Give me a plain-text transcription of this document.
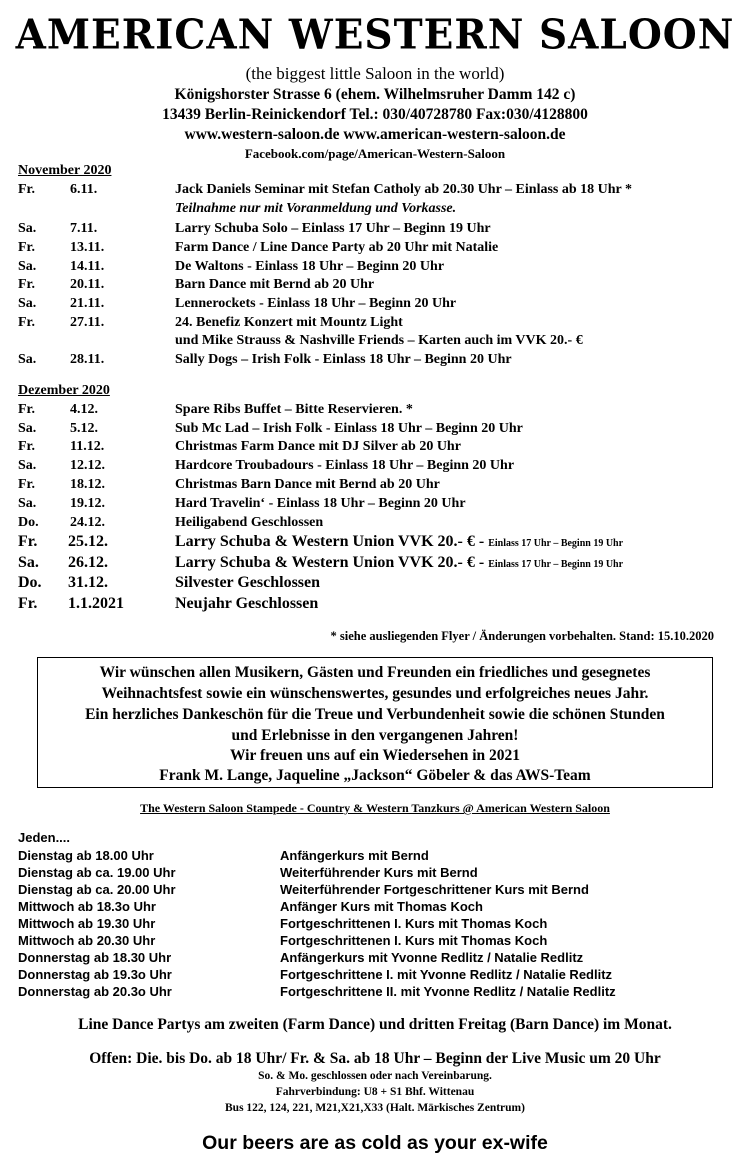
AMERICAN WESTERN SALOON
(the biggest little Saloon in the world)
Königshorster Strasse 6 (ehem. Wilhelmsruher Damm 142 c)
13439 Berlin-Reinickendorf Tel.: 030/40728780 Fax:030/4128800
www.western-saloon.de www.american-western-saloon.de
Facebook.com/page/American-Western-Saloon
November 2020
Fr.	6.11.	Jack Daniels Seminar mit Stefan Catholy ab 20.30 Uhr – Einlass ab 18 Uhr *
Teilnahme nur mit Voranmeldung und Vorkasse.
Sa. 7.11.	Larry Schuba Solo – Einlass 17 Uhr – Beginn 19 Uhr
Fr.	13.11.	Farm Dance / Line Dance Party ab 20 Uhr mit Natalie
Sa. 14.11.	De Waltons - Einlass 18 Uhr – Beginn 20 Uhr
Fr.	20.11.	Barn Dance mit Bernd ab 20 Uhr
Sa. 21.11.	Lennerockets - Einlass 18 Uhr – Beginn 20 Uhr
Fr.	27.11.	24. Benefiz Konzert mit Mountz Light
und Mike Strauss & Nashville Friends – Karten auch im VVK 20.- €
Sa. 28.11.	Sally Dogs – Irish Folk - Einlass 18 Uhr – Beginn 20 Uhr
Dezember 2020
Fr.	4.12.	Spare Ribs Buffet – Bitte Reservieren. *
Sa. 5.12.	Sub Mc Lad – Irish Folk - Einlass 18 Uhr – Beginn 20 Uhr
Fr.	11.12.	Christmas Farm Dance mit DJ Silver ab 20 Uhr
Sa. 12.12.	Hardcore Troubadours - Einlass 18 Uhr – Beginn 20 Uhr
Fr.	18.12.	Christmas Barn Dance mit Bernd ab 20 Uhr
Sa. 19.12.	Hard Travelin‘ - Einlass 18 Uhr – Beginn 20 Uhr
Do. 24.12.	Heiligabend Geschlossen
Fr. 25.12.	Larry Schuba & Western Union VVK 20.- € - Einlass 17 Uhr – Beginn 19 Uhr
Sa. 26.12.	Larry Schuba & Western Union VVK 20.- € - Einlass 17 Uhr – Beginn 19 Uhr
Do. 31.12.	Silvester Geschlossen
Fr. 1.1.2021	Neujahr Geschlossen
* siehe ausliegenden Flyer / Änderungen vorbehalten. Stand: 15.10.2020
Wir wünschen allen Musikern, Gästen und Freunden ein friedliches und gesegnetes
Weihnachtsfest sowie ein wünschenswertes, gesundes und erfolgreiches neues Jahr.
Ein herzliches Dankeschön für die Treue und Verbundenheit sowie die schönen Stunden
und Erlebnisse in den vergangenen Jahren!
Wir freuen uns auf ein Wiedersehen in 2021
Frank M. Lange, Jaqueline „Jackson“ Göbeler & das AWS-Team
The Western Saloon Stampede - Country & Western Tanzkurs @ American Western Saloon
Jeden....
Dienstag ab 18.00 Uhr	Anfängerkurs mit Bernd
Dienstag ab ca. 19.00 Uhr	Weiterführender Kurs mit Bernd
Dienstag ab ca. 20.00 Uhr	Weiterführender Fortgeschrittener Kurs mit Bernd
Mittwoch ab 18.3o Uhr	Anfänger Kurs mit Thomas Koch
Mittwoch ab 19.30 Uhr	Fortgeschrittenen I. Kurs mit Thomas Koch
Mittwoch ab 20.30 Uhr	Fortgeschrittenen I. Kurs mit Thomas Koch
Donnerstag ab 18.30 Uhr	Anfängerkurs mit Yvonne Redlitz / Natalie Redlitz
Donnerstag ab 19.3o Uhr	Fortgeschrittene I. mit Yvonne Redlitz / Natalie Redlitz
Donnerstag ab 20.3o Uhr	Fortgeschrittene II. mit Yvonne Redlitz / Natalie Redlitz
Line Dance Partys am zweiten (Farm Dance) und dritten Freitag (Barn Dance) im Monat.
Offen: Die. bis Do. ab 18 Uhr/ Fr. & Sa. ab 18 Uhr – Beginn der Live Music um 20 Uhr
So. & Mo. geschlossen oder nach Vereinbarung.
Fahrverbindung: U8 + S1 Bhf. Wittenau
Bus 122, 124, 221, M21,X21,X33 (Halt. Märkisches Zentrum)
Our beers are as cold as your ex-wife
